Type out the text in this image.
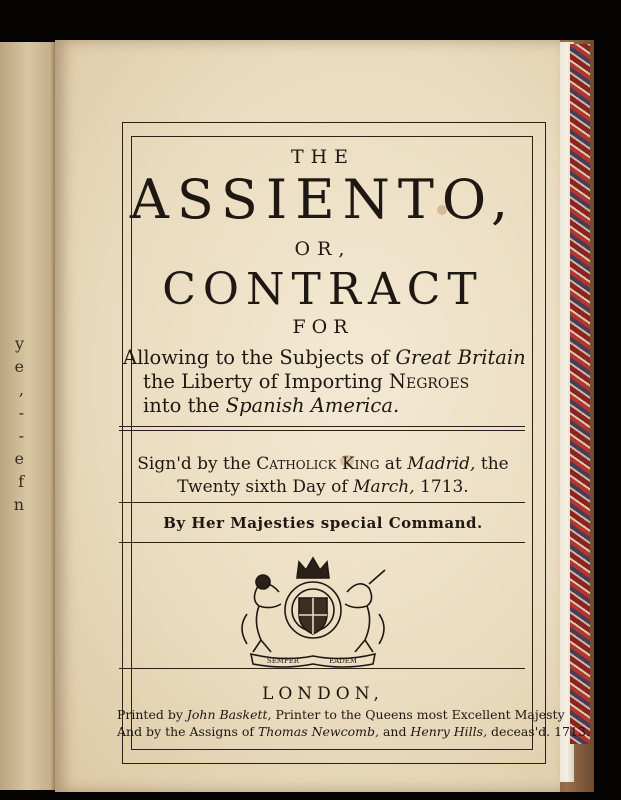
y
e
,
-
-
e
f
n
THE
ASSIENTO,
OR,
CONTRACT
FOR
Allowing to the Subjects of Great Britain
the Liberty of Importing Negroes
into the Spanish America.
Sign'd by the Catholick King at Madrid, the
Twenty sixth Day of March, 1713.
By Her Majesties special Command.
SEMPER	EADEM
LONDON,
Printed by John Baskett, Printer to the Queens most Excellent Majesty
And by the Assigns of Thomas Newcomb, and Henry Hills, deceas'd. 1713.
